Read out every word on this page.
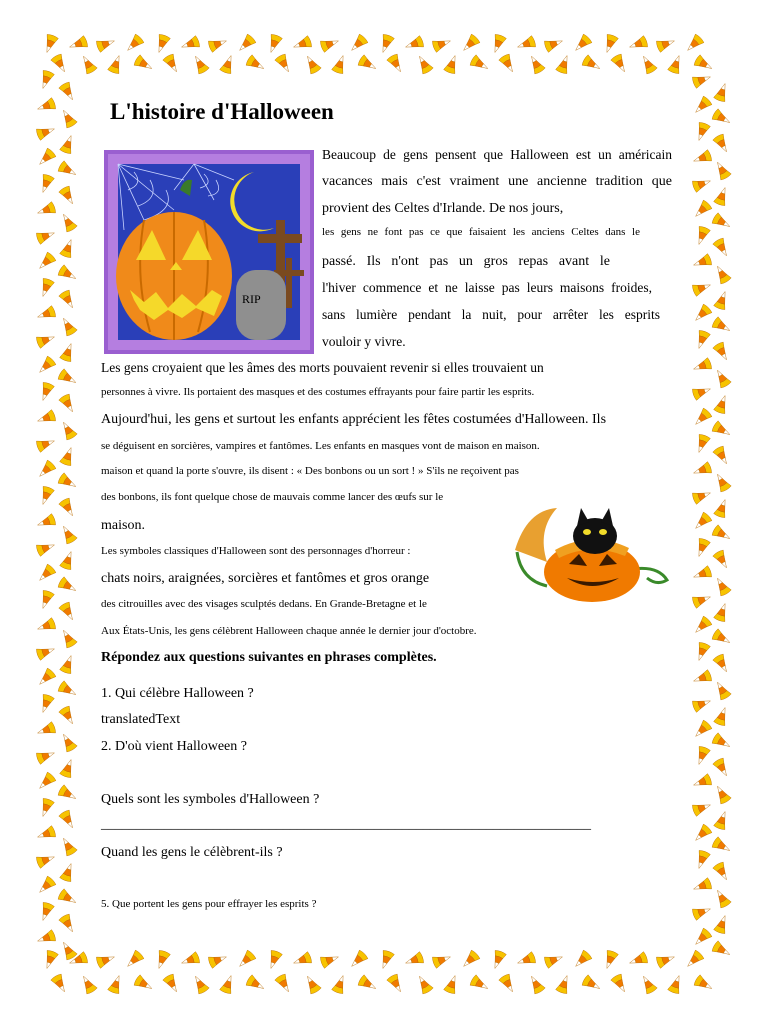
L'histoire d'Halloween
RIP
Beaucoup de gens pensent que Halloween est un américain
vacances mais c'est vraiment une ancienne tradition que
provient des Celtes d'Irlande. De nos jours,
les gens ne font pas ce que faisaient les anciens Celtes dans le
passé. Ils n'ont pas un gros repas avant le
l'hiver commence et ne laisse pas leurs maisons froides,
sans lumière pendant la nuit, pour arrêter les esprits
vouloir y vivre.
Les gens croyaient que les âmes des morts pouvaient revenir si elles trouvaient un
personnes à vivre. Ils portaient des masques et des costumes effrayants pour faire partir les esprits.
Aujourd'hui, les gens et surtout les enfants apprécient les fêtes costumées d'Halloween. Ils
se déguisent en sorcières, vampires et fantômes. Les enfants en masques vont de maison en maison.
maison et quand la porte s'ouvre, ils disent : « Des bonbons ou un sort ! » S'ils ne reçoivent pas
des bonbons, ils font quelque chose de mauvais comme lancer des œufs sur le
maison.
Les symboles classiques d'Halloween sont des personnages d'horreur :
chats noirs, araignées, sorcières et fantômes et gros orange
des citrouilles avec des visages sculptés dedans. En Grande-Bretagne et le
Aux États-Unis, les gens célèbrent Halloween chaque année le dernier jour d'octobre.
Répondez aux questions suivantes en phrases complètes.
1. Qui célèbre Halloween ?
translatedText
2. D'où vient Halloween ?
Quels sont les symboles d'Halloween ?
______________________________________________________________________
Quand les gens le célèbrent-ils ?
5. Que portent les gens pour effrayer les esprits ?
